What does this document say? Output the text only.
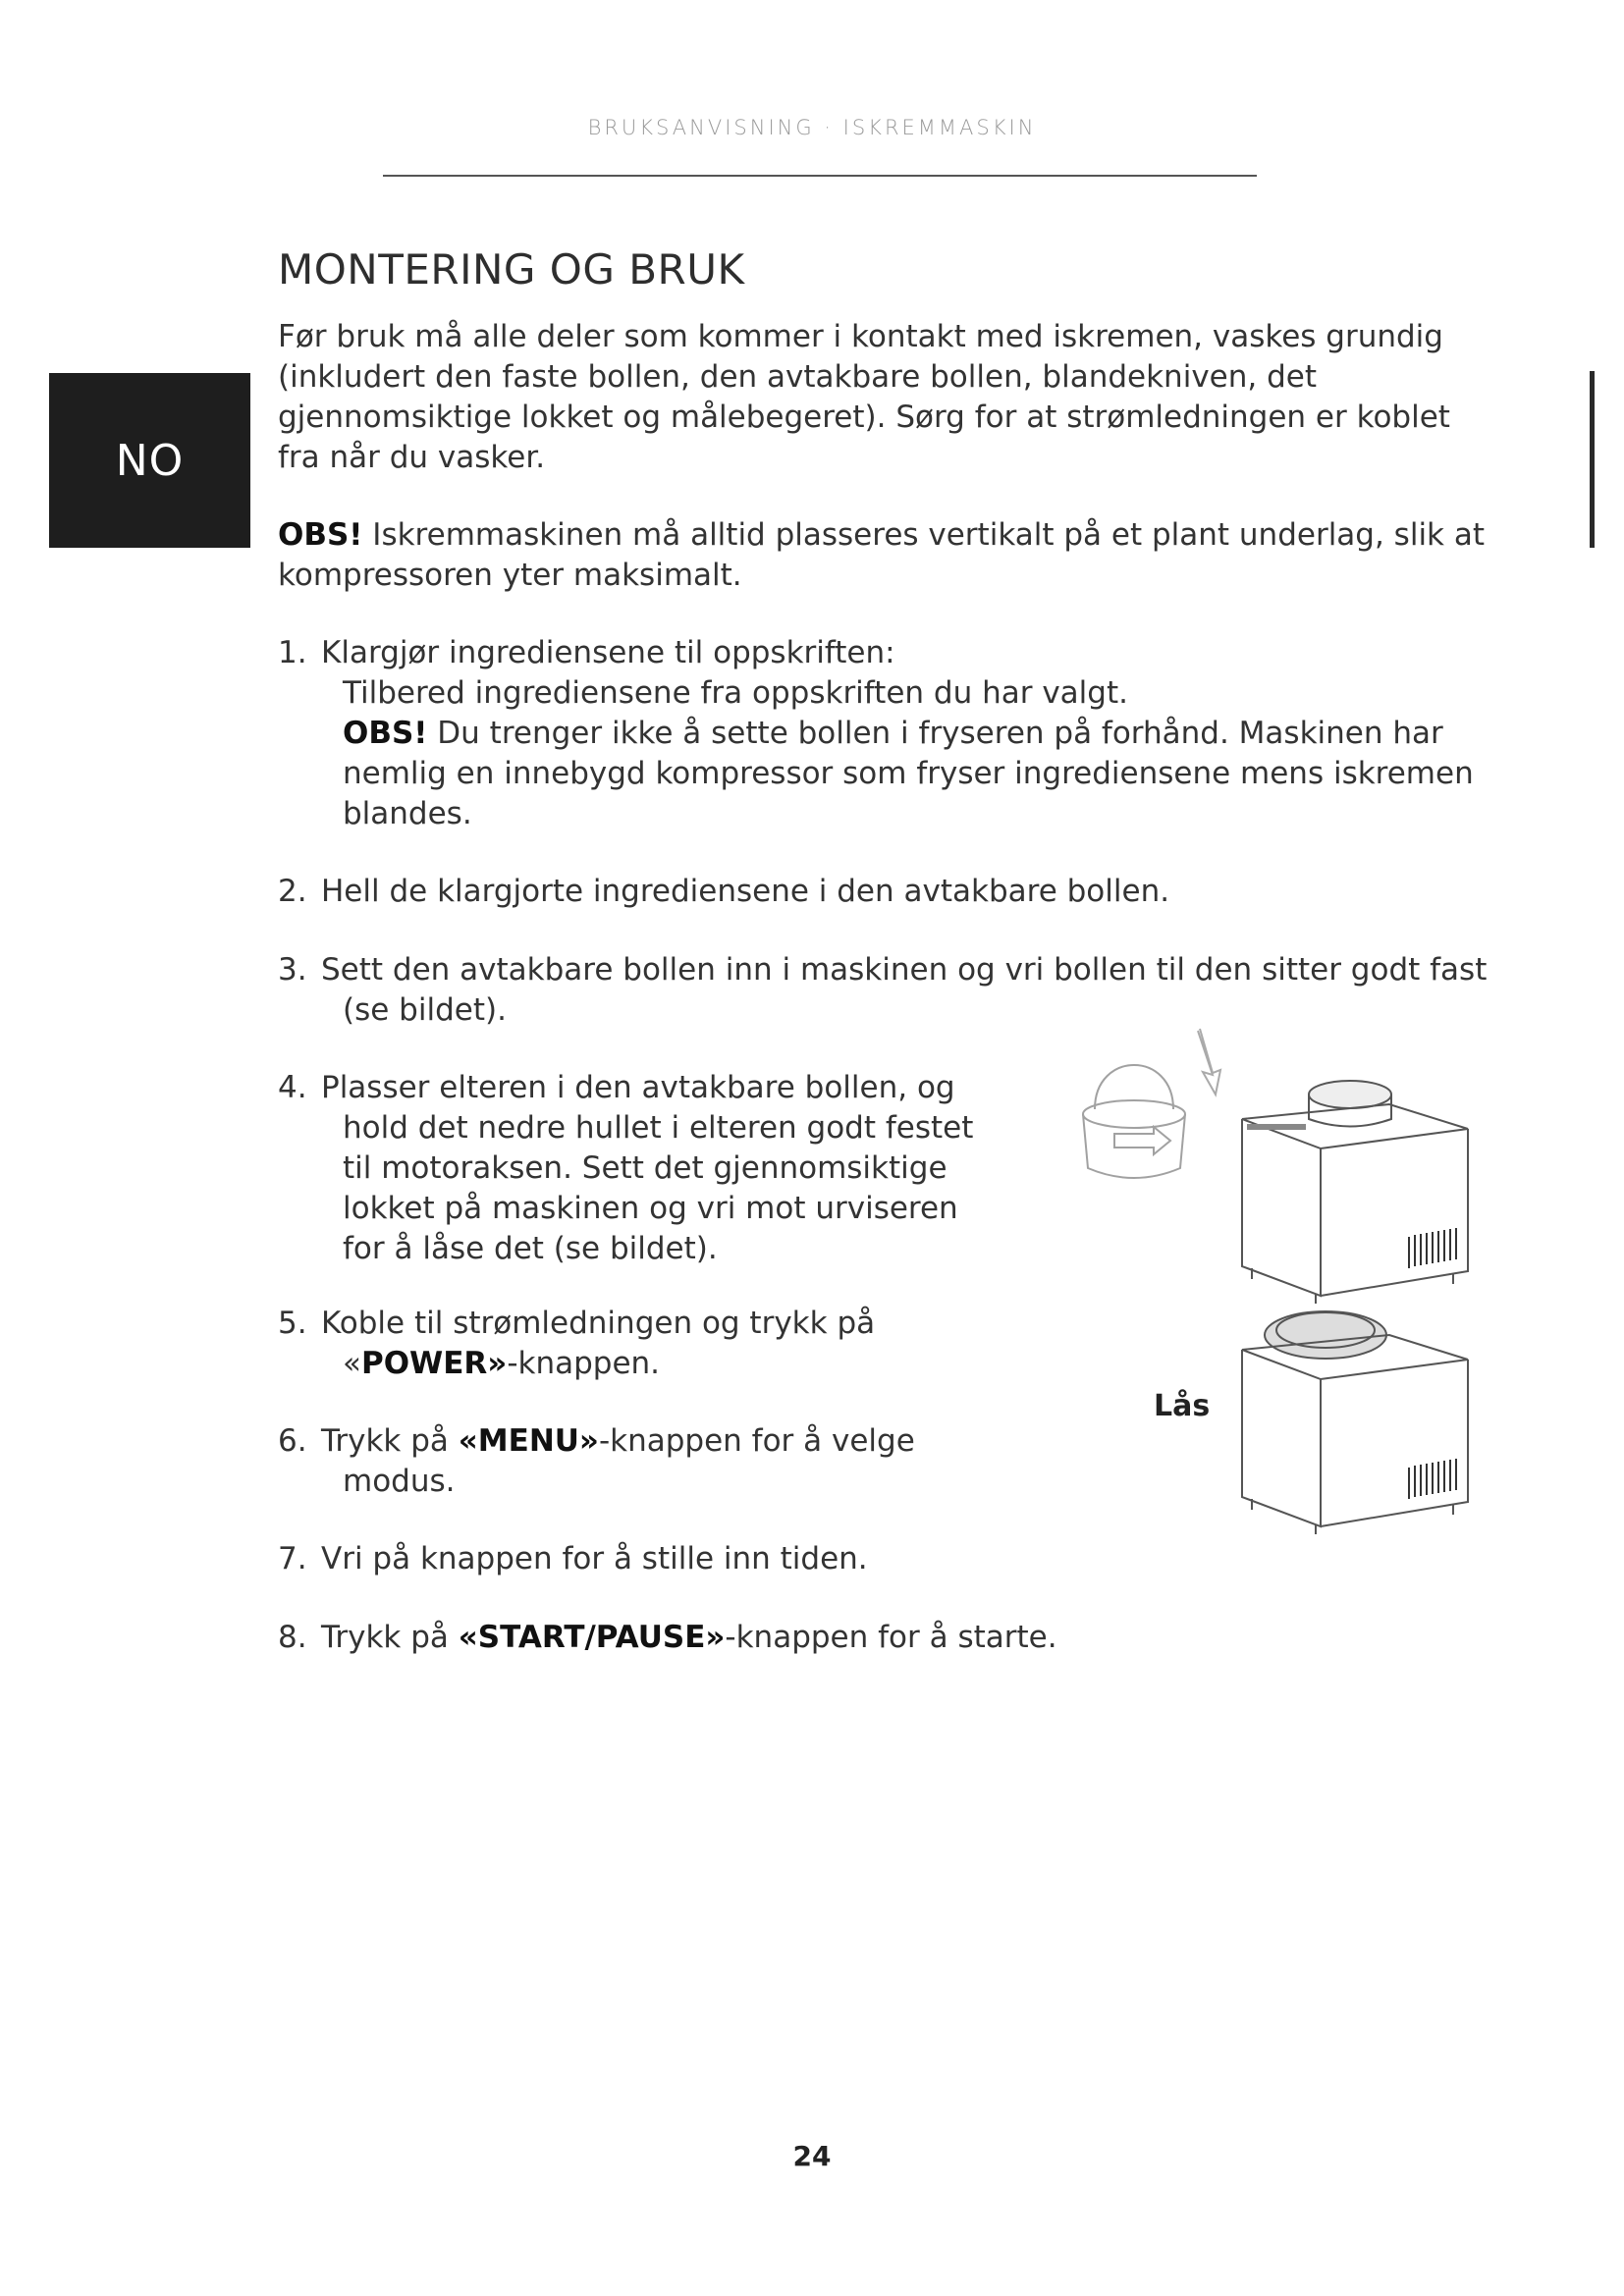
BRUKSANVISNING · ISKREMMASKIN
NO
MONTERING OG BRUK
Før bruk må alle deler som kommer i kontakt med iskremen, vaskes grundig (inkludert den faste bollen, den avtakbare bollen, blandekniven, det gjennomsiktige lokket og målebegeret). Sørg for at strømledningen er koblet fra når du vasker.
OBS! Iskremmaskinen må alltid plasseres vertikalt på et plant underlag, slik at kompressoren yter maksimalt.
1. Klargjør ingrediensene til oppskriften:
Tilbered ingrediensene fra oppskriften du har valgt.
OBS! Du trenger ikke å sette bollen i fryseren på forhånd. Maskinen har nemlig en innebygd kompressor som fryser ingrediensene mens iskremen blandes.
2. Hell de klargjorte ingrediensene i den avtakbare bollen.
3. Sett den avtakbare bollen inn i maskinen og vri bollen til den sitter godt fast
(se bildet).
4. Plasser elteren i den avtakbare bollen, og
hold det nedre hullet i elteren godt festet til motoraksen. Sett det gjennomsiktige lokket på maskinen og vri mot urviseren for å låse det (se bildet).
5. Koble til strømledningen og trykk på
«POWER»-knappen.
6. Trykk på «MENU»-knappen for å velge
modus.
7. Vri på knappen for å stille inn tiden.
8. Trykk på «START/PAUSE»-knappen for å starte.
Lås
24
